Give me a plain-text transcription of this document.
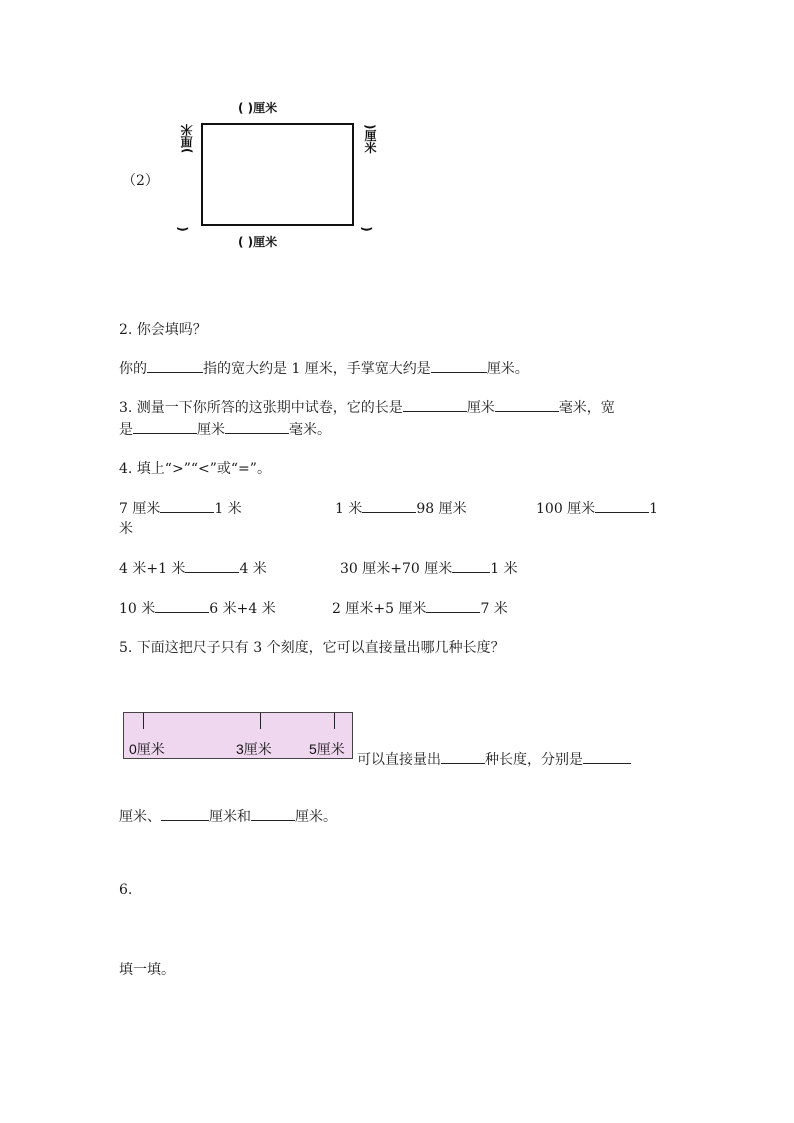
（2）
( )厘米
( )厘米
)厘米	)厘米
(	(
2. 你会填吗？
你的	指的宽大约是 1 厘米，手掌宽大约是	厘米。
3. 测量一下你所答的这张期中试卷，它的长是	厘米	毫米，宽
是	厘米	毫米。
4. 填上“>”“<”或“=”。
7 厘米	1 米	1 米	98 厘米	100 厘米	1
米
4 米+1 米	4 米	30 厘米+70 厘米	1 米
10 米	6 米+4 米	2 厘米+5 厘米	7 米
5. 下面这把尺子只有 3 个刻度，它可以直接量出哪几种长度？
0厘米	3厘米	5厘米
可以直接量出	种长度，分别是
厘米、	厘米和	厘米。
6.
填一填。
